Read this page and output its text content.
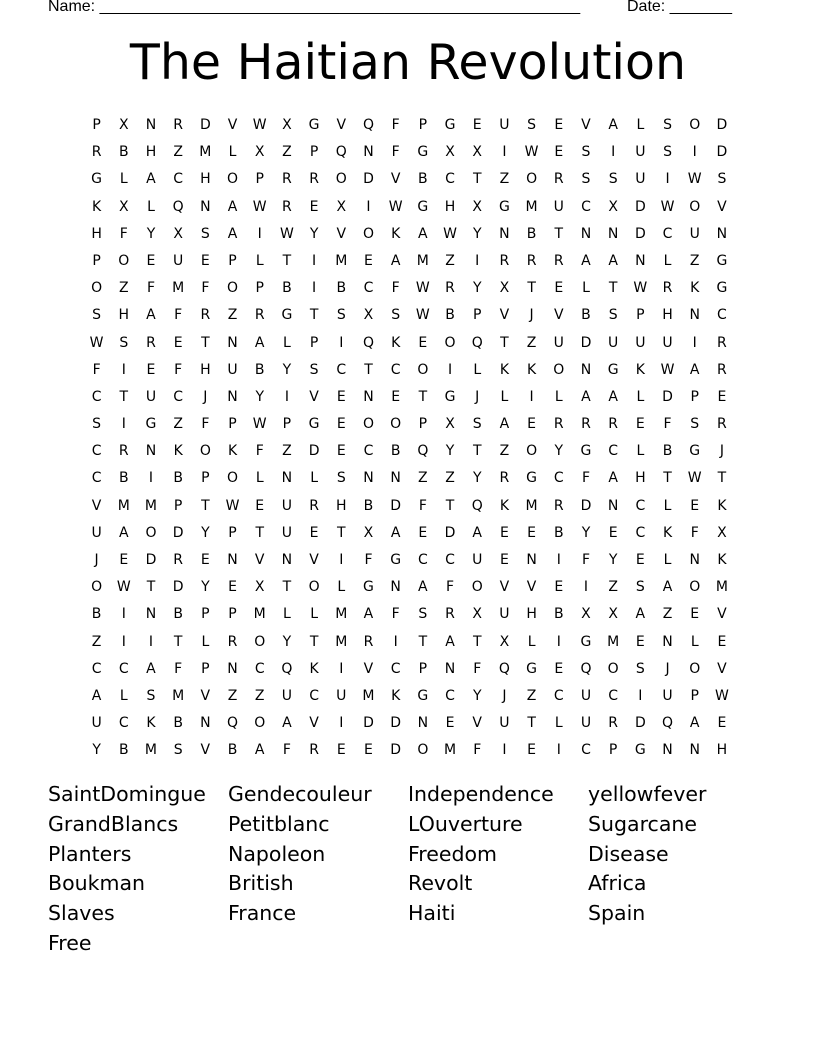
Name: ______________________________________________________	Date: _______
The Haitian Revolution
P	X	N	R	D	V	W	X	G	V	Q	F	P	G	E	U	S	E	V	A	L	S	O	D
R	B	H	Z	M	L	X	Z	P	Q	N	F	G	X	X	I	W	E	S	I	U	S	I	D
G	L	A	C	H	O	P	R	R	O	D	V	B	C	T	Z	O	R	S	S	U	I	W	S
K	X	L	Q	N	A	W	R	E	X	I	W	G	H	X	G	M	U	C	X	D	W	O	V
H	F	Y	X	S	A	I	W	Y	V	O	K	A	W	Y	N	B	T	N	N	D	C	U	N
P	O	E	U	E	P	L	T	I	M	E	A	M	Z	I	R	R	R	A	A	N	L	Z	G
O	Z	F	M	F	O	P	B	I	B	C	F	W	R	Y	X	T	E	L	T	W	R	K	G
S	H	A	F	R	Z	R	G	T	S	X	S	W	B	P	V	J	V	B	S	P	H	N	C
W	S	R	E	T	N	A	L	P	I	Q	K	E	O	Q	T	Z	U	D	U	U	U	I	R
F	I	E	F	H	U	B	Y	S	C	T	C	O	I	L	K	K	O	N	G	K	W	A	R
C	T	U	C	J	N	Y	I	V	E	N	E	T	G	J	L	I	L	A	A	L	D	P	E
S	I	G	Z	F	P	W	P	G	E	O	O	P	X	S	A	E	R	R	R	E	F	S	R
C	R	N	K	O	K	F	Z	D	E	C	B	Q	Y	T	Z	O	Y	G	C	L	B	G	J
C	B	I	B	P	O	L	N	L	S	N	N	Z	Z	Y	R	G	C	F	A	H	T	W	T
V	M	M	P	T	W	E	U	R	H	B	D	F	T	Q	K	M	R	D	N	C	L	E	K
U	A	O	D	Y	P	T	U	E	T	X	A	E	D	A	E	E	B	Y	E	C	K	F	X
J	E	D	R	E	N	V	N	V	I	F	G	C	C	U	E	N	I	F	Y	E	L	N	K
O	W	T	D	Y	E	X	T	O	L	G	N	A	F	O	V	V	E	I	Z	S	A	O	M
B	I	N	B	P	P	M	L	L	M	A	F	S	R	X	U	H	B	X	X	A	Z	E	V
Z	I	I	T	L	R	O	Y	T	M	R	I	T	A	T	X	L	I	G	M	E	N	L	E
C	C	A	F	P	N	C	Q	K	I	V	C	P	N	F	Q	G	E	Q	O	S	J	O	V
A	L	S	M	V	Z	Z	U	C	U	M	K	G	C	Y	J	Z	C	U	C	I	U	P	W
U	C	K	B	N	Q	O	A	V	I	D	D	N	E	V	U	T	L	U	R	D	Q	A	E
Y	B	M	S	V	B	A	F	R	E	E	D	O	M	F	I	E	I	C	P	G	N	N	H
SaintDomingue	Gendecouleur	Independence	yellowfever
GrandBlancs	Petitblanc	LOuverture	Sugarcane
Planters	Napoleon	Freedom	Disease
Boukman	British	Revolt	Africa
Slaves	France	Haiti	Spain
Free
